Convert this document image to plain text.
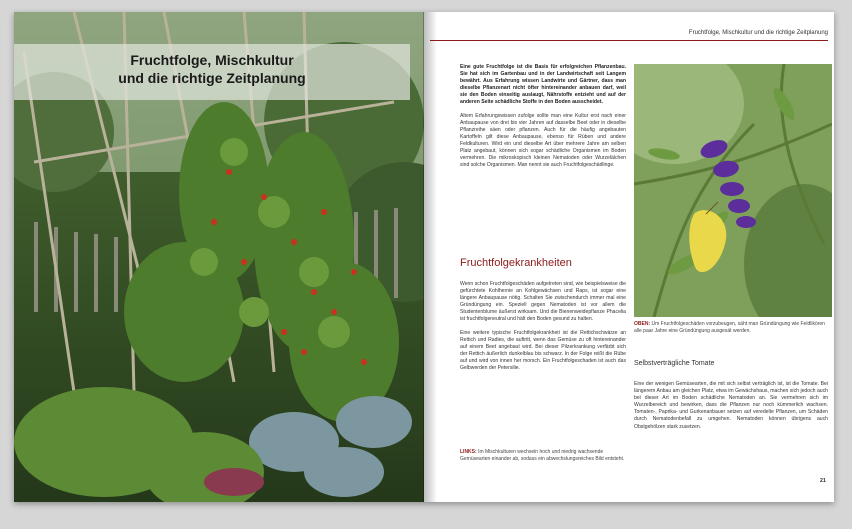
Fruchtfolge, Mischkultur
und die richtige Zeitplanung
Fruchtfolge, Mischkultur und die richtige Zeitplanung

Eine gute Fruchtfolge ist die Basis für erfolgreichen Pflanzenbau. Sie hat sich im Gartenbau und in der Landwirtschaft seit Langem bewährt. Aus Erfahrung wissen Landwirte und Gärtner, dass man dieselbe Pflanzenart nicht öfter hintereinander anbauen darf, weil sie den Boden einseitig auslaugt, Nährstoffe entzieht und auf der anderen Seite schädliche Stoffe in den Boden ausscheidet.

Altem Erfahrungswissen zufolge sollte man eine Kultur erst nach einer Anbaupause von drei bis vier Jahren auf dasselbe Beet oder in dieselbe Pflanzreihe säen oder pflanzen. Auch für die häufig angebauten Kartoffeln gilt diese Anbaupause, ebenso für Rüben und andere Feldkulturen. Wird ein und dieselbe Art über mehrere Jahre am selben Platz angebaut, können sich sogar schädliche Organismen im Boden vermehren. Die mikroskopisch kleinen Nematoden oder Wurzelälchen sind solche Organismen. Man nennt sie auch Fruchtfolgeschädlinge.

Fruchtfolgekrankheiten

Wenn schon Fruchtfolgeschäden aufgetreten sind, wie beispielsweise die gefürchtete Kohlhernie an Kohlgewächsen und Raps, ist sogar eine längere Anbaupause nötig. Schalten Sie zwischendurch immer mal eine Gründüngung ein. Speziell gegen Nematoden ist vor allem die Studentenblume äußerst wirksam. Und die Bienenweidepflanze Phacelia ist fruchtfolgeneutral und hält den Boden gesund zu halten.

Eine weitere typische Fruchtfolgekrankheit ist die Rettichschwärze an Rettich und Radies, die auftritt, wenn das Gemüse zu oft hintereinander auf einem Beet angebaut wird. Bei dieser Pilzerkrankung verfärbt sich der Rettich äußerlich dunkelblau bis schwarz. In der Folge reißt die Rübe auf und wird von innen her morsch. Ein Fruchtfolgeschaden ist auch das Gelbwerden der Petersilie.

LINKS: Im Mischkulturen wechseln hoch und niedrig wachsende Gemüsearten einander ab, sodass ein abwechslungsreiches Bild entsteht.
OBEN: Um Fruchtfolgeschäden vorzubeugen, säht man Gründüngung wie Feldlikören alle paar Jahre eine Gründüngung ausgesät werden.
Selbstverträgliche Tomate

Eine der wenigen Gemüsearten, die mit sich selbst verträglich ist, ist die Tomate. Bei längerem Anbau am gleichen Platz, etwa im Gewächshaus, machen sich jedoch auch bei dieser Art im Boden schädliche Nematoden an. Sie vermehren sich im Wurzelbereich und bewirken, dass die Pflanzen nur noch kümmerlich wachsen. Tomaten-, Paprika- und Gurkenanbauer setzen auf veredelte Pflanzen, um Schäden durch Nematodenbefall zu umgehen. Nematoden können übrigens auch Obstgehölzen stark zusetzen.

21
